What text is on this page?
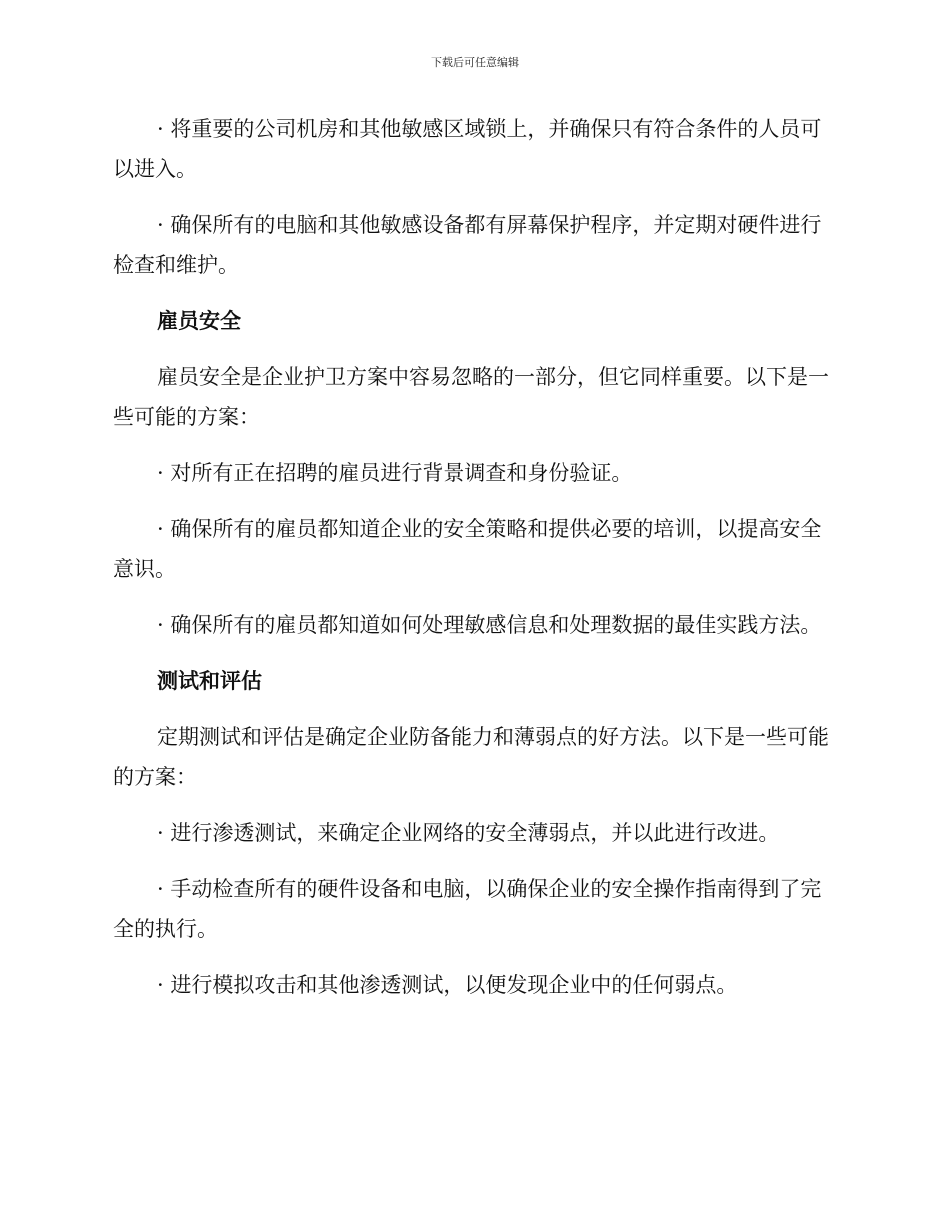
下载后可任意编辑

· 将重要的公司机房和其他敏感区域锁上，并确保只有符合条件的人员可以进入。

· 确保所有的电脑和其他敏感设备都有屏幕保护程序，并定期对硬件进行检查和维护。

雇员安全

雇员安全是企业护卫方案中容易忽略的一部分，但它同样重要。以下是一些可能的方案：

· 对所有正在招聘的雇员进行背景调查和身份验证。

· 确保所有的雇员都知道企业的安全策略和提供必要的培训，以提高安全意识。

· 确保所有的雇员都知道如何处理敏感信息和处理数据的最佳实践方法。

测试和评估

定期测试和评估是确定企业防备能力和薄弱点的好方法。以下是一些可能的方案：

· 进行渗透测试，来确定企业网络的安全薄弱点，并以此进行改进。

· 手动检查所有的硬件设备和电脑，以确保企业的安全操作指南得到了完全的执行。

· 进行模拟攻击和其他渗透测试，以便发现企业中的任何弱点。
